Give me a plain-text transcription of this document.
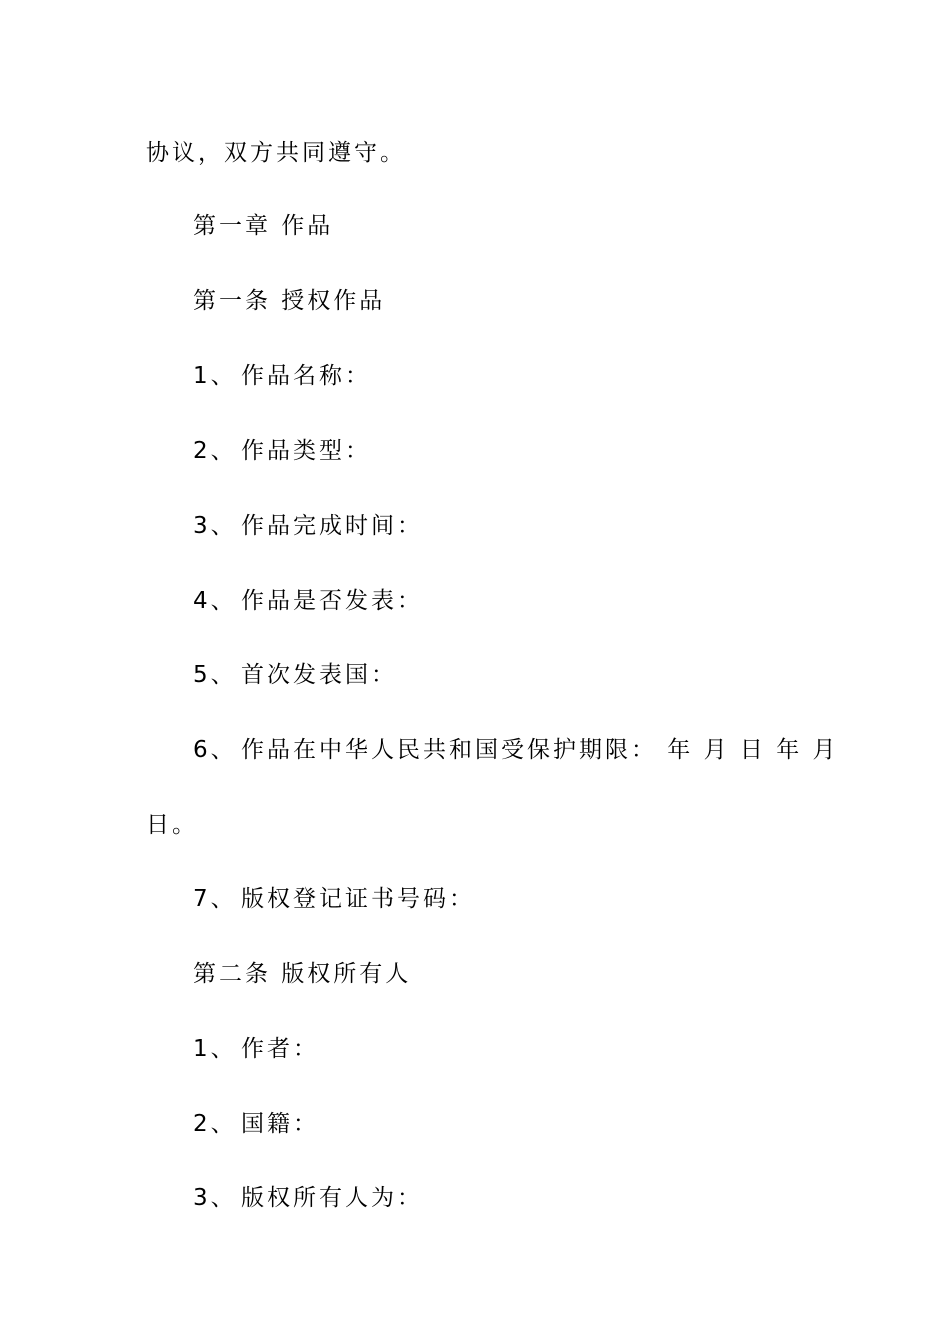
协议，双方共同遵守。
第一章 作品
第一条 授权作品
1、 作品名称：
2、 作品类型：
3、 作品完成时间：
4、 作品是否发表：
5、 首次发表国：
6、 作品在中华人民共和国受保护期限： 年 月 日 年 月
日。
7、 版权登记证书号码：
第二条 版权所有人
1、 作者：
2、 国籍：
3、 版权所有人为：
